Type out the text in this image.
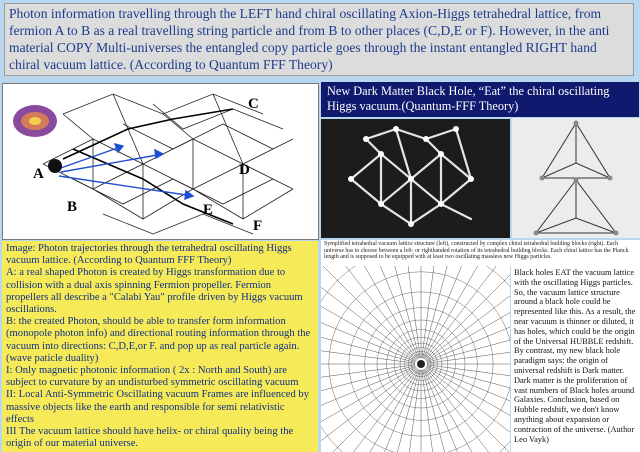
Photon information travelling through the LEFT hand chiral oscillating Axion-Higgs tetrahedral lattice, from fermion A to B as a real travelling string particle and from B to other places (C,D,E or F). However, in the anti material COPY Multi-universes the entangled copy particle goes through the instant entangled RIGHT hand chiral vacuum lattice. (According to Quantum FFF Theory)
A
B
C
D
E
F
New Dark Matter Black Hole, “Eat” the chiral oscillating Higgs vacuum.(Quantum-FFF Theory)

Image: Photon trajectories through the tetrahedral oscillating Higgs vacuum lattice. (According to Quantum FFF Theory)

A: a real shaped Photon is created by Higgs transformation due to collision with a dual axis spinning Fermion propeller. Fermion propellers all describe a "Calabi Yau" profile driven by Higgs vacuum oscillations.

B: the created Photon, should be able to transfer form information (monopole photon info) and directional routing information through the vacuum into directions: C,D,E,or F. and pop up as real particle again. (wave paticle duality)

I: Only magnetic photonic information ( 2x : North and South) are subject to curvature by an undisturbed symmetric oscillating vacuum

II: Local Anti-Symmetric Oscillating vacuum Frames are influenced by massive objects like the earth and responsible for semi relativistic effects

III The vacuum lattice should have helix- or chiral quality being the origin of our material universe.

Symplified tetrahedral vacuum lattice structure (left), constructed by complex chiral tetrahedral building blocks (right). Each universe has to choose between a left- or righthanded rotation of its tetrahedral building blocks. Each chiral lattice has the Planck length and is supposed to be equipped with at least two oscillating massless new Higgs particles.

Black holes EAT the vacuum lattice with the oscillating Higgs particles. So, the vacuum lattice structure around a black hole could be represented like this. As a result, the near vacuum is thinner or diluted, it has holes, which could be the origin of the Universal HUBBLE redshift. By contrast, my new black hole paradigm says: the origin of universal redshift is Dark matter. Dark matter is the proliferation of vast numbers of Black holes around Galaxies. Conclusion, based on Hubble redshift, we don't know anything about expansion or contraction of the universe. (Author Leo Vayk)
